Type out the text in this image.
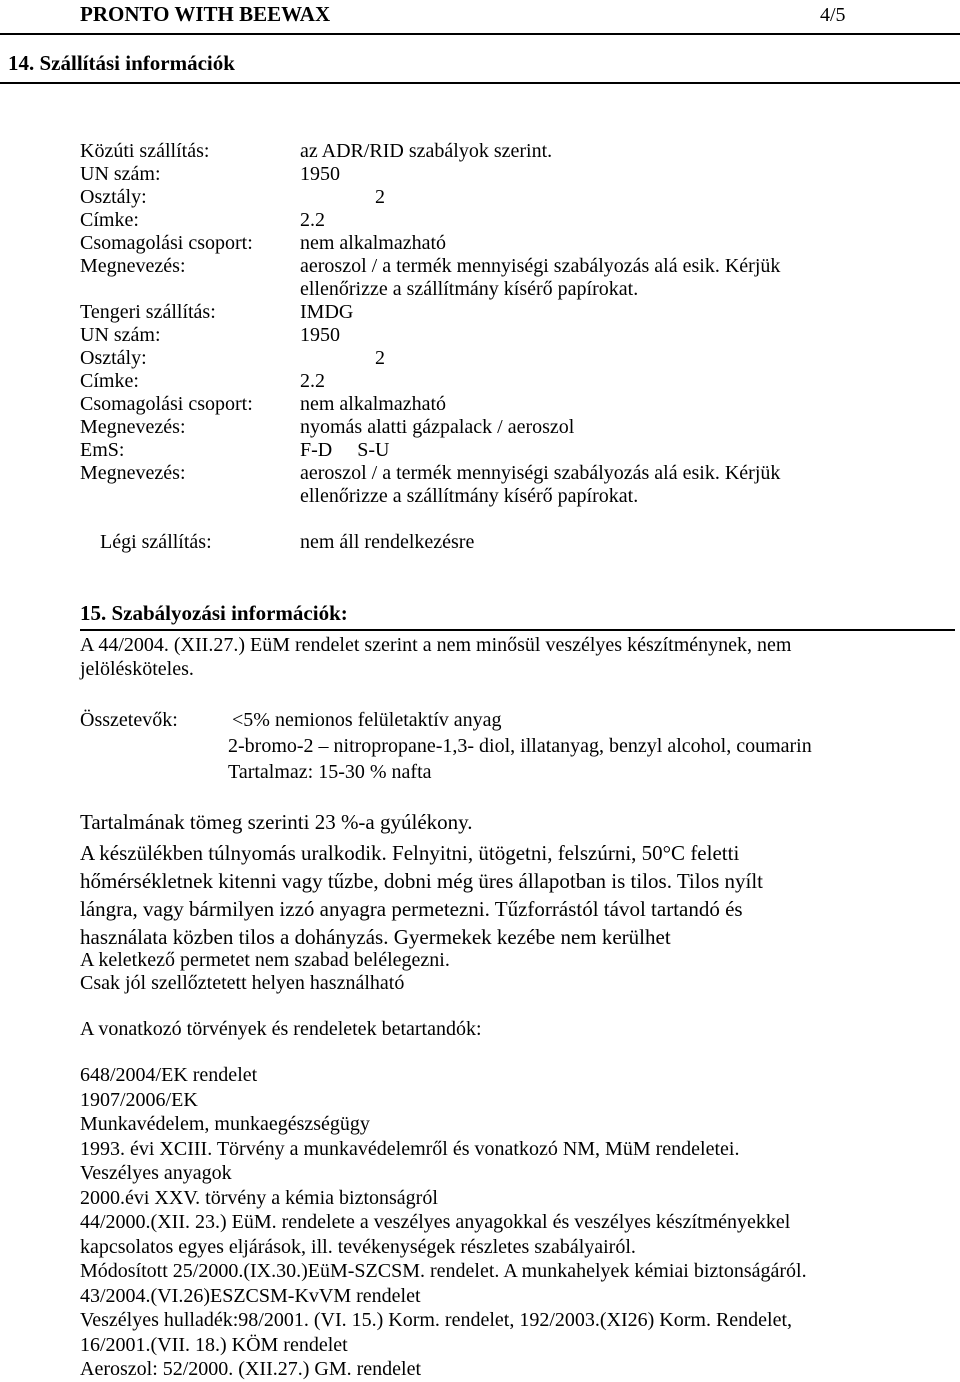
PRONTO WITH BEEWAX	4/5
14. Szállítási információk
Közúti szállítás:	az ADR/RID szabályok szerint.
UN szám:	1950
Osztály:	2
Címke:	2.2
Csomagolási csoport: nem alkalmazható
Megnevezés:	aeroszol / a termék mennyiségi szabályozás alá esik. Kérjük
ellenőrizze a szállítmány kísérő papírokat.
Tengeri szállítás:	IMDG
UN szám:	1950
Osztály:	2
Címke:	2.2
Csomagolási csoport: nem alkalmazható
Megnevezés:	nyomás alatti gázpalack / aeroszol
EmS:	F-D     S-U
Megnevezés:	aeroszol / a termék mennyiségi szabályozás alá esik. Kérjük
ellenőrizze a szállítmány kísérő papírokat.
Légi szállítás:	nem áll rendelkezésre
15. Szabályozási információk:
A 44/2004. (XII.27.) EüM rendelet szerint a nem minősül veszélyes készítménynek, nem
jelölésköteles.
Összetevők:	<5% nemionos felületaktív anyag
2-bromo-2 – nitropropane-1,3- diol, illatanyag, benzyl alcohol, coumarin
Tartalmaz: 15-30 % nafta
Tartalmának tömeg szerinti 23 %-a gyúlékony.
A készülékben túlnyomás uralkodik. Felnyitni, ütögetni, felszúrni, 50°C feletti
hőmérsékletnek kitenni vagy tűzbe, dobni még üres állapotban is tilos. Tilos nyílt
lángra, vagy bármilyen izzó anyagra permetezni. Tűzforrástól távol tartandó és
használata közben tilos a dohányzás. Gyermekek kezébe nem kerülhet
A keletkező permetet nem szabad belélegezni.
Csak jól szellőztetett helyen használható
A vonatkozó törvények és rendeletek betartandók:
648/2004/EK rendelet
1907/2006/EK
Munkavédelem, munkaegészségügy
1993. évi XCIII. Törvény a munkavédelemről és vonatkozó NM, MüM rendeletei.
Veszélyes anyagok
2000.évi XXV. törvény a kémia biztonságról
44/2000.(XII. 23.) EüM. rendelete a veszélyes anyagokkal és veszélyes készítményekkel
kapcsolatos egyes eljárások, ill. tevékenységek részletes szabályairól.
Módosított 25/2000.(IX.30.)EüM-SZCSM. rendelet. A munkahelyek kémiai biztonságáról.
43/2004.(VI.26)ESZCSM-KvVM rendelet
Veszélyes hulladék:98/2001. (VI. 15.) Korm. rendelet, 192/2003.(XI26) Korm. Rendelet,
16/2001.(VII. 18.) KÖM rendelet
Aeroszol: 52/2000. (XII.27.) GM. rendelet
